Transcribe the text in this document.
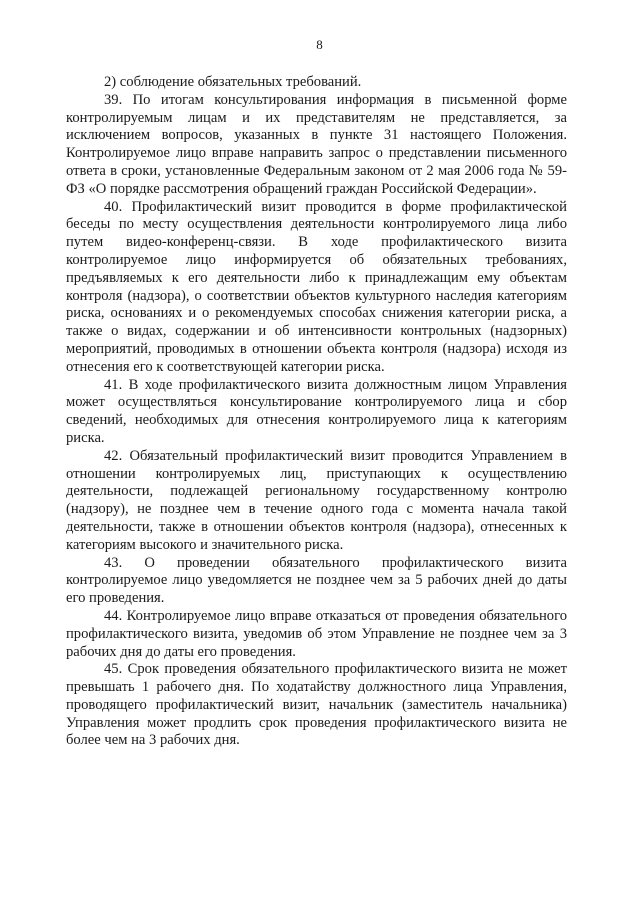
8

2) соблюдение обязательных требований.

39. По итогам консультирования информация в письменной форме контролируемым лицам и их представителям не представляется, за исключением вопросов, указанных в пункте 31 настоящего Положения. Контролируемое лицо вправе направить запрос о представлении письменного ответа в сроки, установленные Федеральным законом от 2 мая 2006 года № 59-ФЗ «О порядке рассмотрения обращений граждан Российской Федерации».

40. Профилактический визит проводится в форме профилактической беседы по месту осуществления деятельности контролируемого лица либо путем видео-конференц-связи. В ходе профилактического визита контролируемое лицо информируется об обязательных требованиях, предъявляемых к его деятельности либо к принадлежащим ему объектам контроля (надзора), о соответствии объектов культурного наследия категориям риска, основаниях и о рекомендуемых способах снижения категории риска, а также о видах, содержании и об интенсивности контрольных (надзорных) мероприятий, проводимых в отношении объекта контроля (надзора) исходя из отнесения его к соответствующей категории риска.

41. В ходе профилактического визита должностным лицом Управления может осуществляться консультирование контролируемого лица и сбор сведений, необходимых для отнесения контролируемого лица к категориям риска.

42. Обязательный профилактический визит проводится Управлением в отношении контролируемых лиц, приступающих к осуществлению деятельности, подлежащей региональному государственному контролю (надзору), не позднее чем в течение одного года с момента начала такой деятельности, также в отношении объектов контроля (надзора), отнесенных к категориям высокого и значительного риска.

43. О проведении обязательного профилактического визита контролируемое лицо уведомляется не позднее чем за 5 рабочих дней до даты его проведения.

44. Контролируемое лицо вправе отказаться от проведения обязательного профилактического визита, уведомив об этом Управление не позднее чем за 3 рабочих дня до даты его проведения.

45. Срок проведения обязательного профилактического визита не может превышать 1 рабочего дня. По ходатайству должностного лица Управления, проводящего профилактический визит, начальник (заместитель начальника) Управления может продлить срок проведения профилактического визита не более чем на 3 рабочих дня.
